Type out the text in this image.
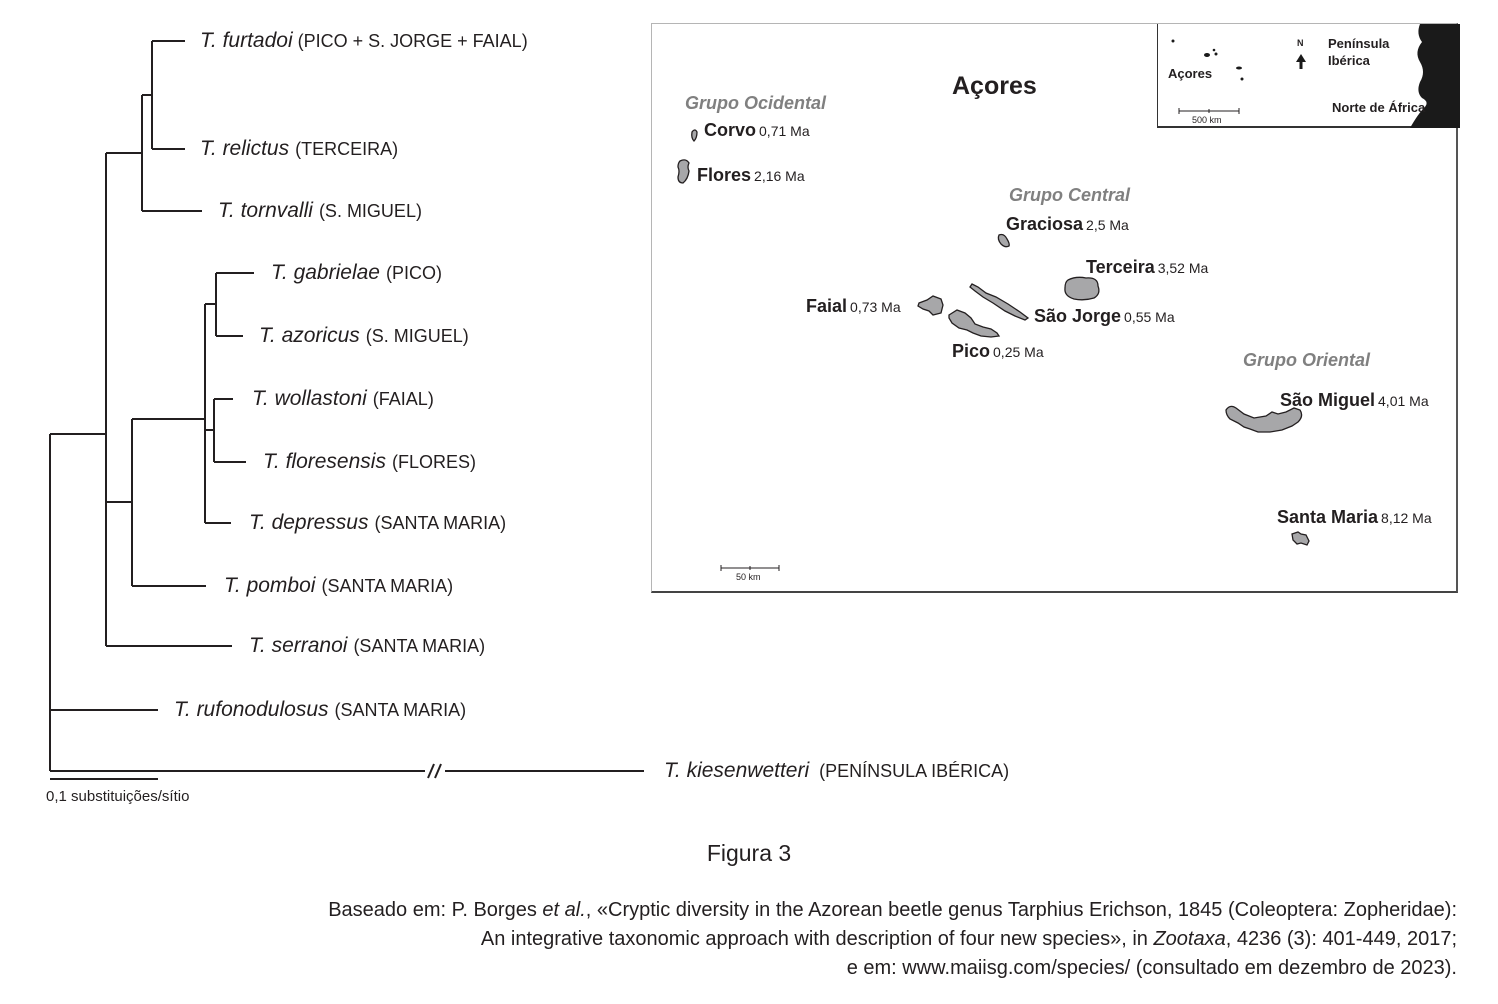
T. furtadoi (PICO + S. JORGE + FAIAL)
T. relictus (TERCEIRA)
T. tornvalli (S. MIGUEL)
T. gabrielae (PICO)
T. azoricus (S. MIGUEL)
T. wollastoni (FAIAL)
T. floresensis (FLORES)
T. depressus (SANTA MARIA)
T. pomboi (SANTA MARIA)
T. serranoi (SANTA MARIA)
T. rufonodulosus (SANTA MARIA)
T. kiesenwetteri (PENÍNSULA IBÉRICA)
0,1 substituições/sítio
Açores
Grupo Ocidental
Grupo Central
Grupo Oriental
Corvo 0,71 Ma
Flores 2,16 Ma
Graciosa 2,5 Ma
Terceira 3,52 Ma
Faial 0,73 Ma	São Jorge 0,55 Ma
Pico 0,25 Ma
São Miguel 4,01 Ma
Santa Maria 8,12 Ma
50 km
Açores
N Península
Ibérica
Norte de África
500 km
Figura 3
Baseado em: P. Borges et al., «Cryptic diversity in the Azorean beetle genus Tarphius Erichson, 1845 (Coleoptera: Zopheridae):
An integrative taxonomic approach with description of four new species», in Zootaxa, 4236 (3): 401-449, 2017;
e em: www.maiisg.com/species/ (consultado em dezembro de 2023).
